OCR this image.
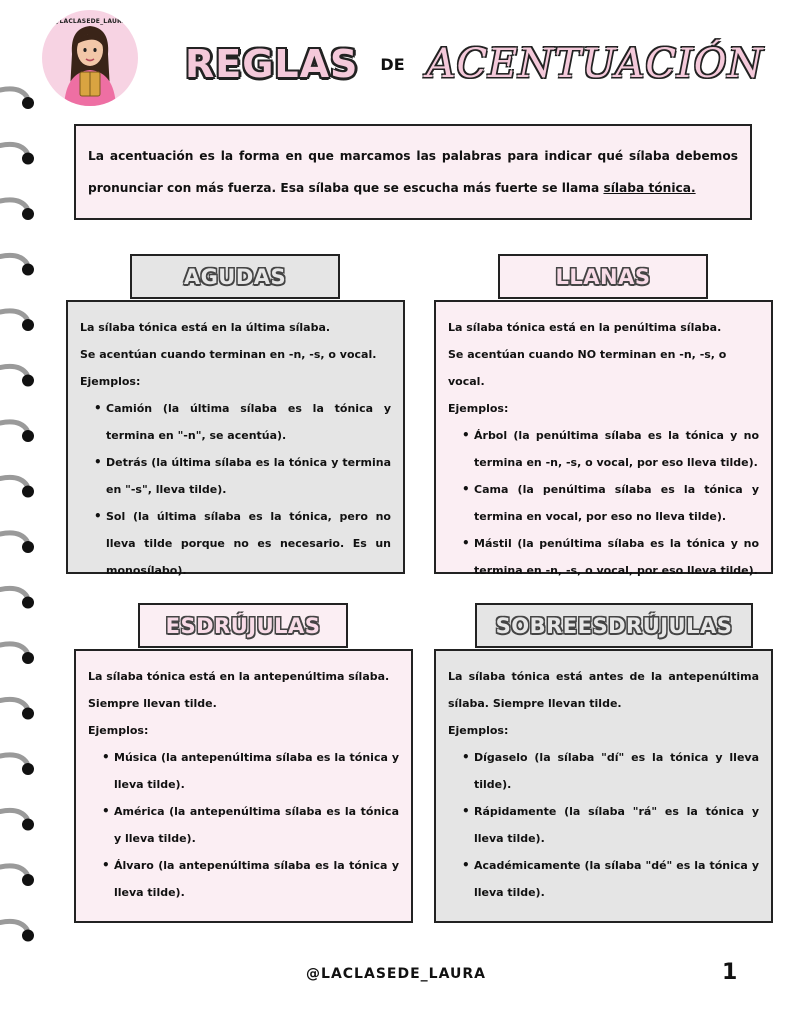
@LACLASEDE_LAURA
REGLAS DE ACENTUACIÓN

La acentuación es la forma en que marcamos las palabras para indicar qué sílaba debemos pronunciar con más fuerza. Esa sílaba que se escucha más fuerte se llama sílaba tónica.

AGUDAS
La sílaba tónica está en la última sílaba.
Se acentúan cuando terminan en -n, -s, o vocal.
Ejemplos:
• Camión (la última sílaba es la tónica y termina en "-n", se acentúa).
• Detrás (la última sílaba es la tónica y termina en "-s", lleva tilde).
• Sol (la última sílaba es la tónica, pero no lleva tilde porque no es necesario. Es un monosílabo).
LLANAS
La sílaba tónica está en la penúltima sílaba.
Se acentúan cuando NO terminan en -n, -s, o vocal.
Ejemplos:
• Árbol (la penúltima sílaba es la tónica y no termina en -n, -s, o vocal, por eso lleva tilde).
• Cama (la penúltima sílaba es la tónica y termina en vocal, por eso no lleva tilde).
• Mástil (la penúltima sílaba es la tónica y no termina en -n, -s, o vocal, por eso lleva tilde).
ESDRÚJULAS
La sílaba tónica está en la antepenúltima sílaba.
Siempre llevan tilde.
Ejemplos:
• Música (la antepenúltima sílaba es la tónica y lleva tilde).
• América (la antepenúltima sílaba es la tónica y lleva tilde).
• Álvaro (la antepenúltima sílaba es la tónica y lleva tilde).
SOBREESDRÚJULAS
La sílaba tónica está antes de la antepenúltima sílaba. Siempre llevan tilde.
Ejemplos:
• Dígaselo (la sílaba "dí" es la tónica y lleva tilde).
• Rápidamente (la sílaba "rá" es la tónica y lleva tilde).
• Académicamente (la sílaba "dé" es la tónica y lleva tilde).
@LACLASEDE_LAURA	1
